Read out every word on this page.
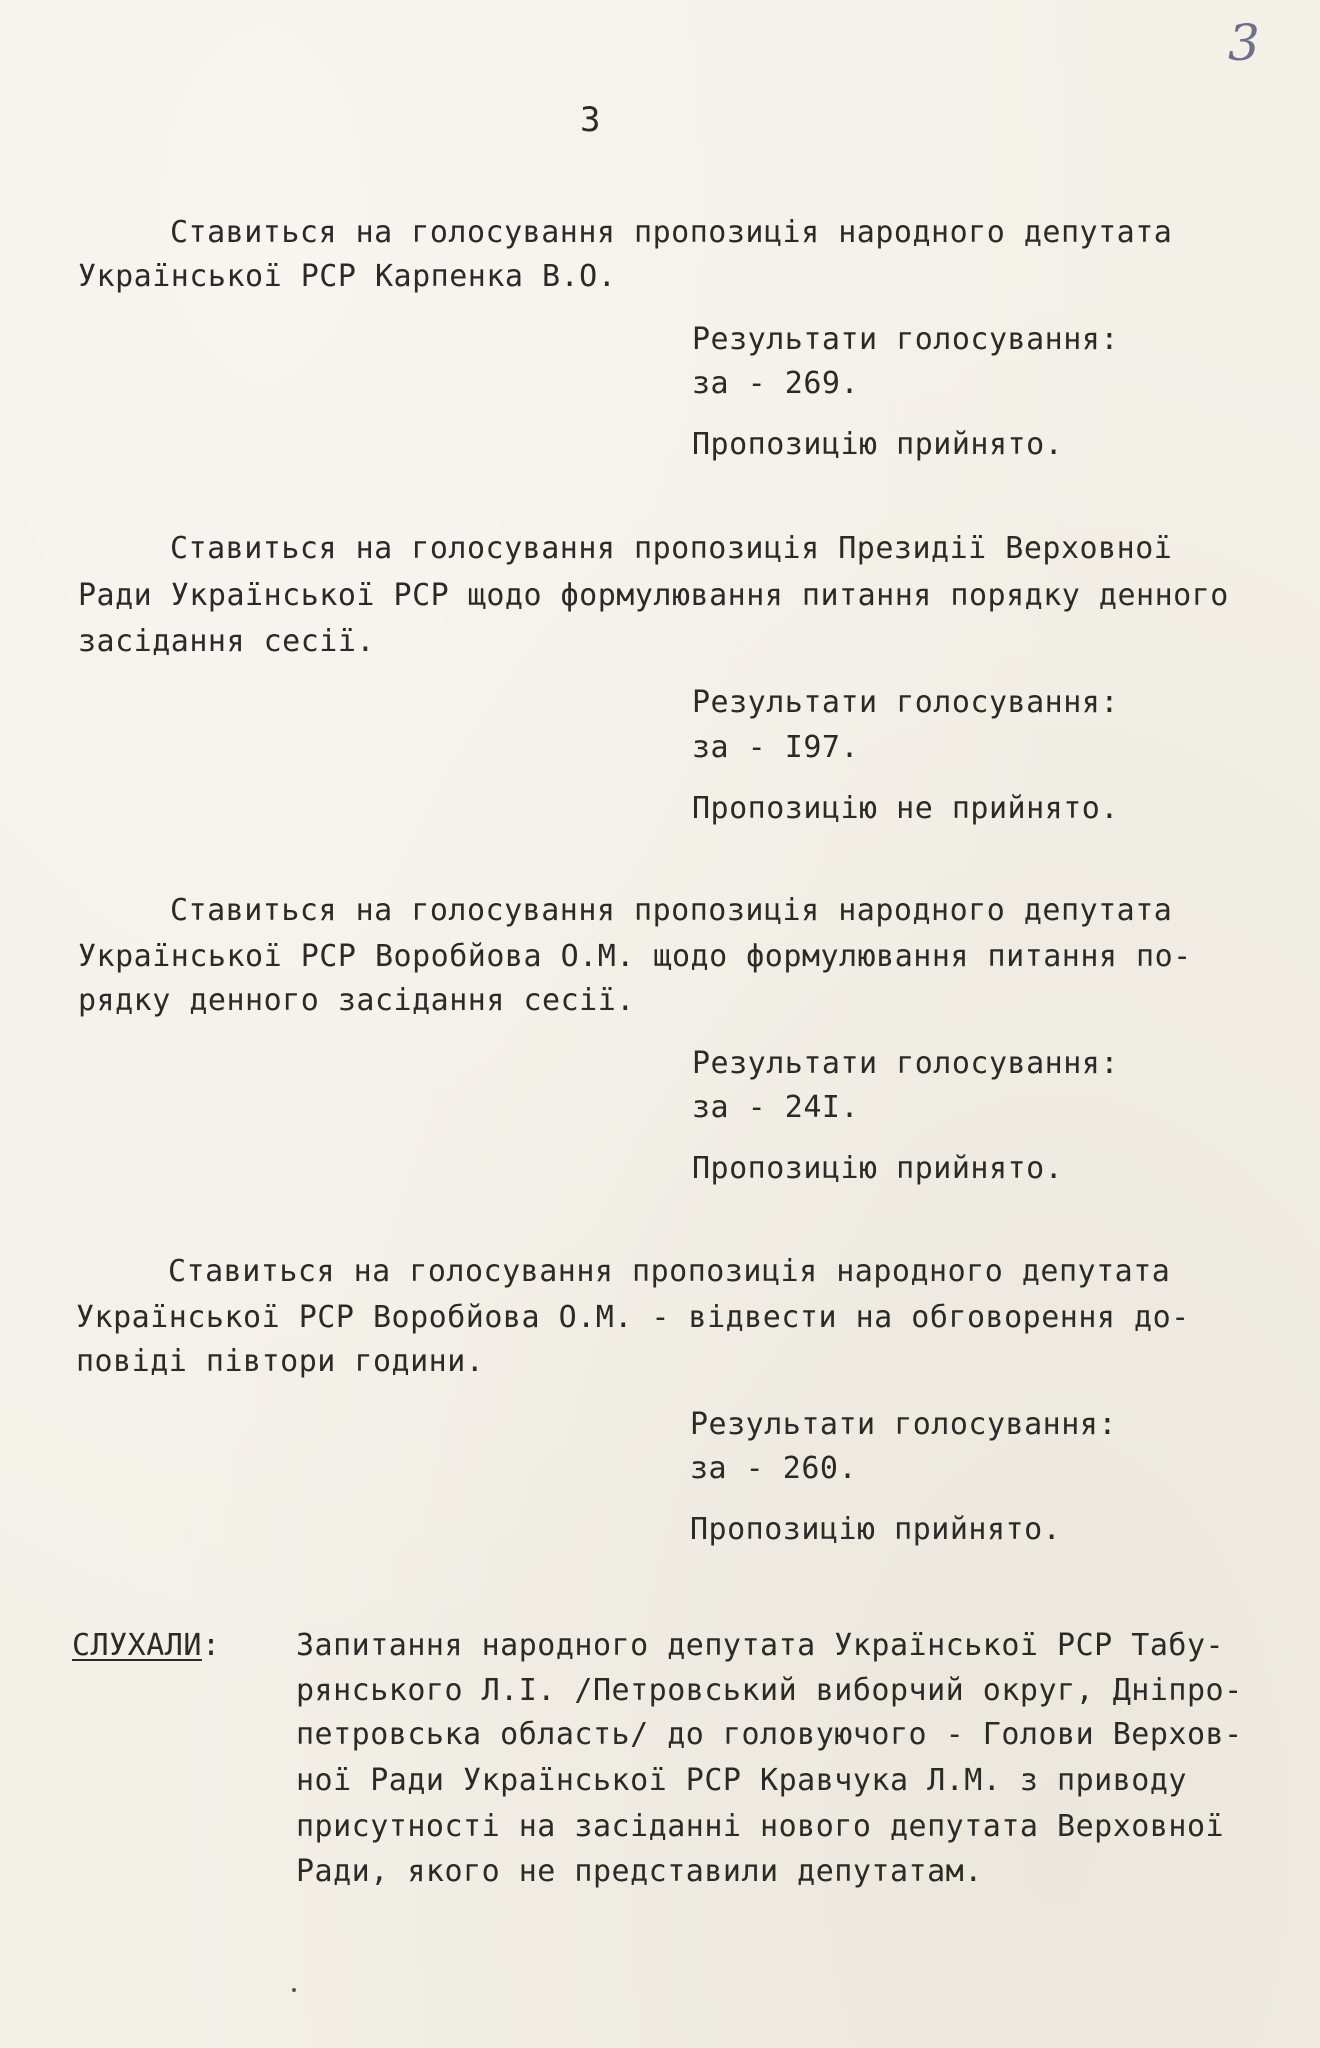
3
3
Ставиться на голосування пропозиція народного депутата
Української РСР Карпенка В.О.
Результати голосування:
за - 269.
Пропозицію прийнято.
Ставиться на голосування пропозиція Президії Верховної
Ради Української РСР щодо формулювання питання порядку денного
засідання сесії.
Результати голосування:
за - І97.
Пропозицію не прийнято.
Ставиться на голосування пропозиція народного депутата
Української РСР Воробйова О.М. щодо формулювання питання по-
рядку денного засідання сесії.
Результати голосування:
за - 24І.
Пропозицію прийнято.
Ставиться на голосування пропозиція народного депутата
Української РСР Воробйова О.М. - відвести на обговорення до-
повіді півтори години.
Результати голосування:
за - 260.
Пропозицію прийнято.
СЛУХАЛИ:	Запитання народного депутата Української РСР Табу-
рянського Л.І. /Петровський виборчий округ, Дніпро-
петровська область/ до головуючого - Голови Верхов-
ної Ради Української РСР Кравчука Л.М. з приводу
присутності на засіданні нового депутата Верховної
Ради, якого не представили депутатам.
